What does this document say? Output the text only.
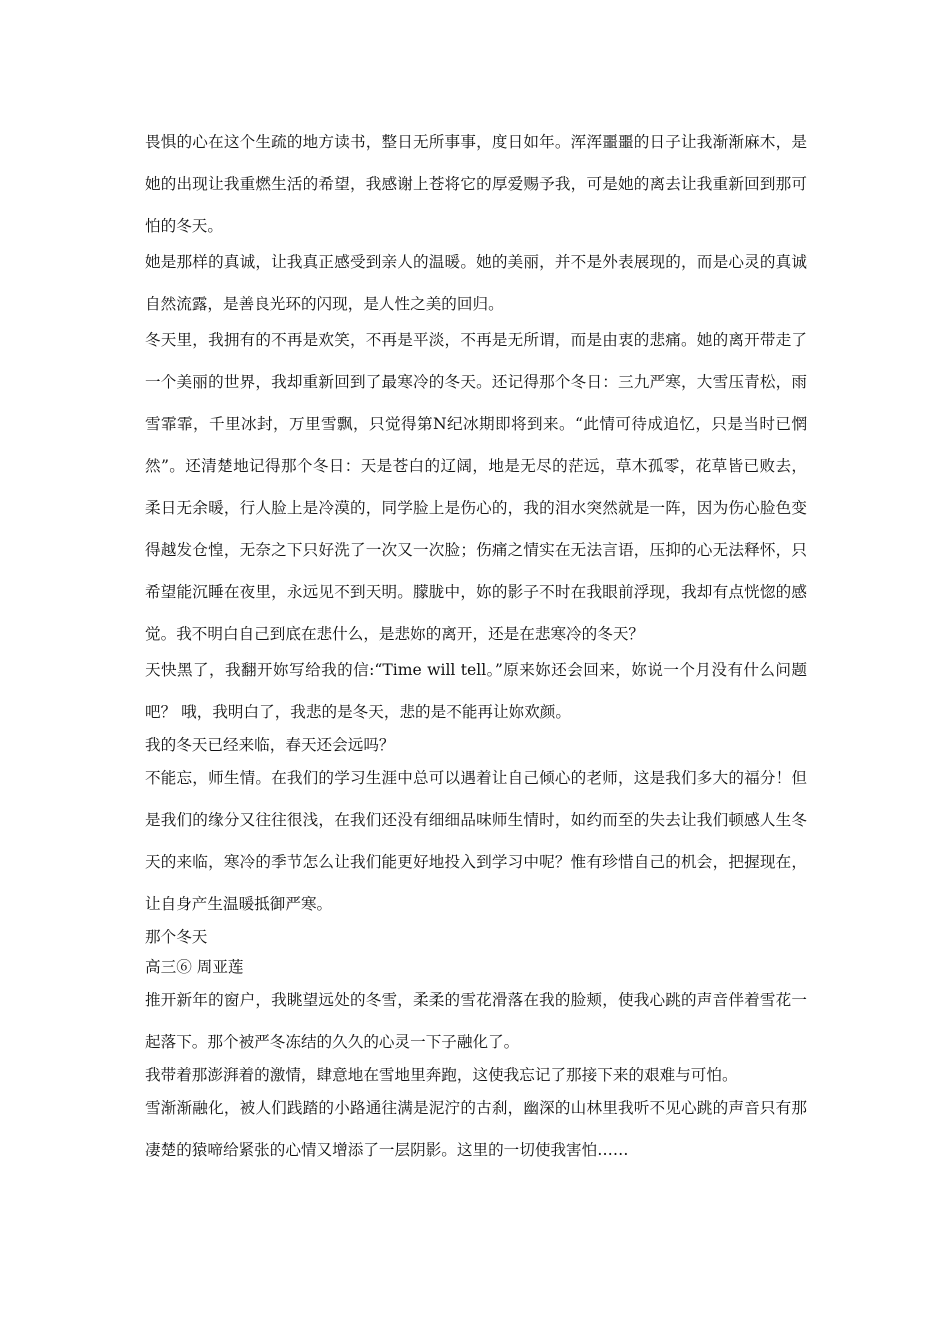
畏惧的心在这个生疏的地方读书，整日无所事事，度日如年。浑浑噩噩的日子让我渐渐麻木，是她的出现让我重燃生活的希望，我感谢上苍将它的厚爱赐予我，可是她的离去让我重新回到那可怕的冬天。

她是那样的真诚，让我真正感受到亲人的温暖。她的美丽，并不是外表展现的，而是心灵的真诚自然流露，是善良光环的闪现，是人性之美的回归。

冬天里，我拥有的不再是欢笑，不再是平淡，不再是无所谓，而是由衷的悲痛。她的离开带走了一个美丽的世界，我却重新回到了最寒冷的冬天。还记得那个冬日：三九严寒，大雪压青松，雨雪霏霏，千里冰封，万里雪飘，只觉得第N纪冰期即将到来。“此情可待成追忆，只是当时已惘然”。还清楚地记得那个冬日：天是苍白的辽阔，地是无尽的茫远，草木孤零，花草皆已败去，柔日无余暖，行人脸上是冷漠的，同学脸上是伤心的，我的泪水突然就是一阵，因为伤心脸色变得越发仓惶，无奈之下只好洗了一次又一次脸；伤痛之情实在无法言语，压抑的心无法释怀，只希望能沉睡在夜里，永远见不到天明。朦胧中，妳的影子不时在我眼前浮现，我却有点恍惚的感觉。我不明白自己到底在悲什么，是悲妳的离开，还是在悲寒冷的冬天？

天快黑了，我翻开妳写给我的信:“Time will tell。”原来妳还会回来，妳说一个月没有什么问题吧？ 哦，我明白了，我悲的是冬天，悲的是不能再让妳欢颜。

我的冬天已经来临，春天还会远吗？

不能忘，师生情。在我们的学习生涯中总可以遇着让自己倾心的老师，这是我们多大的福分！但是我们的缘分又往往很浅，在我们还没有细细品味师生情时，如约而至的失去让我们顿感人生冬天的来临，寒冷的季节怎么让我们能更好地投入到学习中呢？惟有珍惜自己的机会，把握现在，让自身产生温暖抵御严寒。

那个冬天

高三⑥ 周亚莲

推开新年的窗户，我眺望远处的冬雪，柔柔的雪花滑落在我的脸颊，使我心跳的声音伴着雪花一起落下。那个被严冬冻结的久久的心灵一下子融化了。

我带着那澎湃着的激情，肆意地在雪地里奔跑，这使我忘记了那接下来的艰难与可怕。

雪渐渐融化，被人们践踏的小路通往满是泥泞的古刹，幽深的山林里我听不见心跳的声音只有那凄楚的猿啼给紧张的心情又增添了一层阴影。这里的一切使我害怕……
